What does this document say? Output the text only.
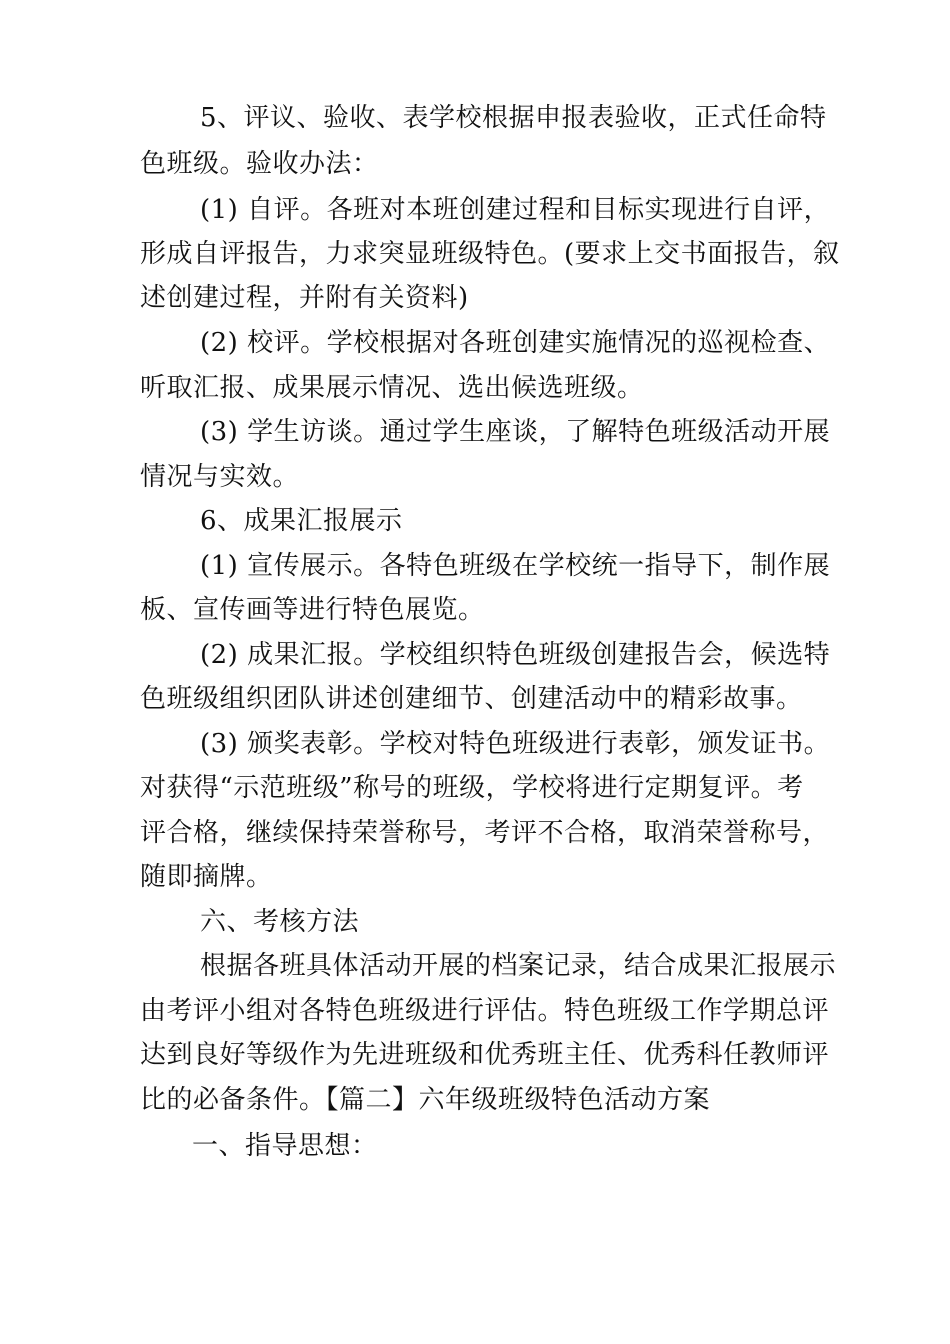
5、评议、验收、表学校根据申报表验收，正式任命特
色班级。验收办法：
(1) 自评。各班对本班创建过程和目标实现进行自评，
形成自评报告，力求突显班级特色。(要求上交书面报告，叙
述创建过程，并附有关资料)
(2) 校评。学校根据对各班创建实施情况的巡视检查、
听取汇报、成果展示情况、选出候选班级。
(3) 学生访谈。通过学生座谈，了解特色班级活动开展
情况与实效。
6、成果汇报展示
(1) 宣传展示。各特色班级在学校统一指导下，制作展
板、宣传画等进行特色展览。
(2) 成果汇报。学校组织特色班级创建报告会，候选特
色班级组织团队讲述创建细节、创建活动中的精彩故事。
(3) 颁奖表彰。学校对特色班级进行表彰，颁发证书。
对获得“示范班级”称号的班级，学校将进行定期复评。考
评合格，继续保持荣誉称号，考评不合格，取消荣誉称号，
随即摘牌。
六、考核方法
根据各班具体活动开展的档案记录，结合成果汇报展示
由考评小组对各特色班级进行评估。特色班级工作学期总评
达到良好等级作为先进班级和优秀班主任、优秀科任教师评
比的必备条件。【篇二】六年级班级特色活动方案
一、指导思想：
